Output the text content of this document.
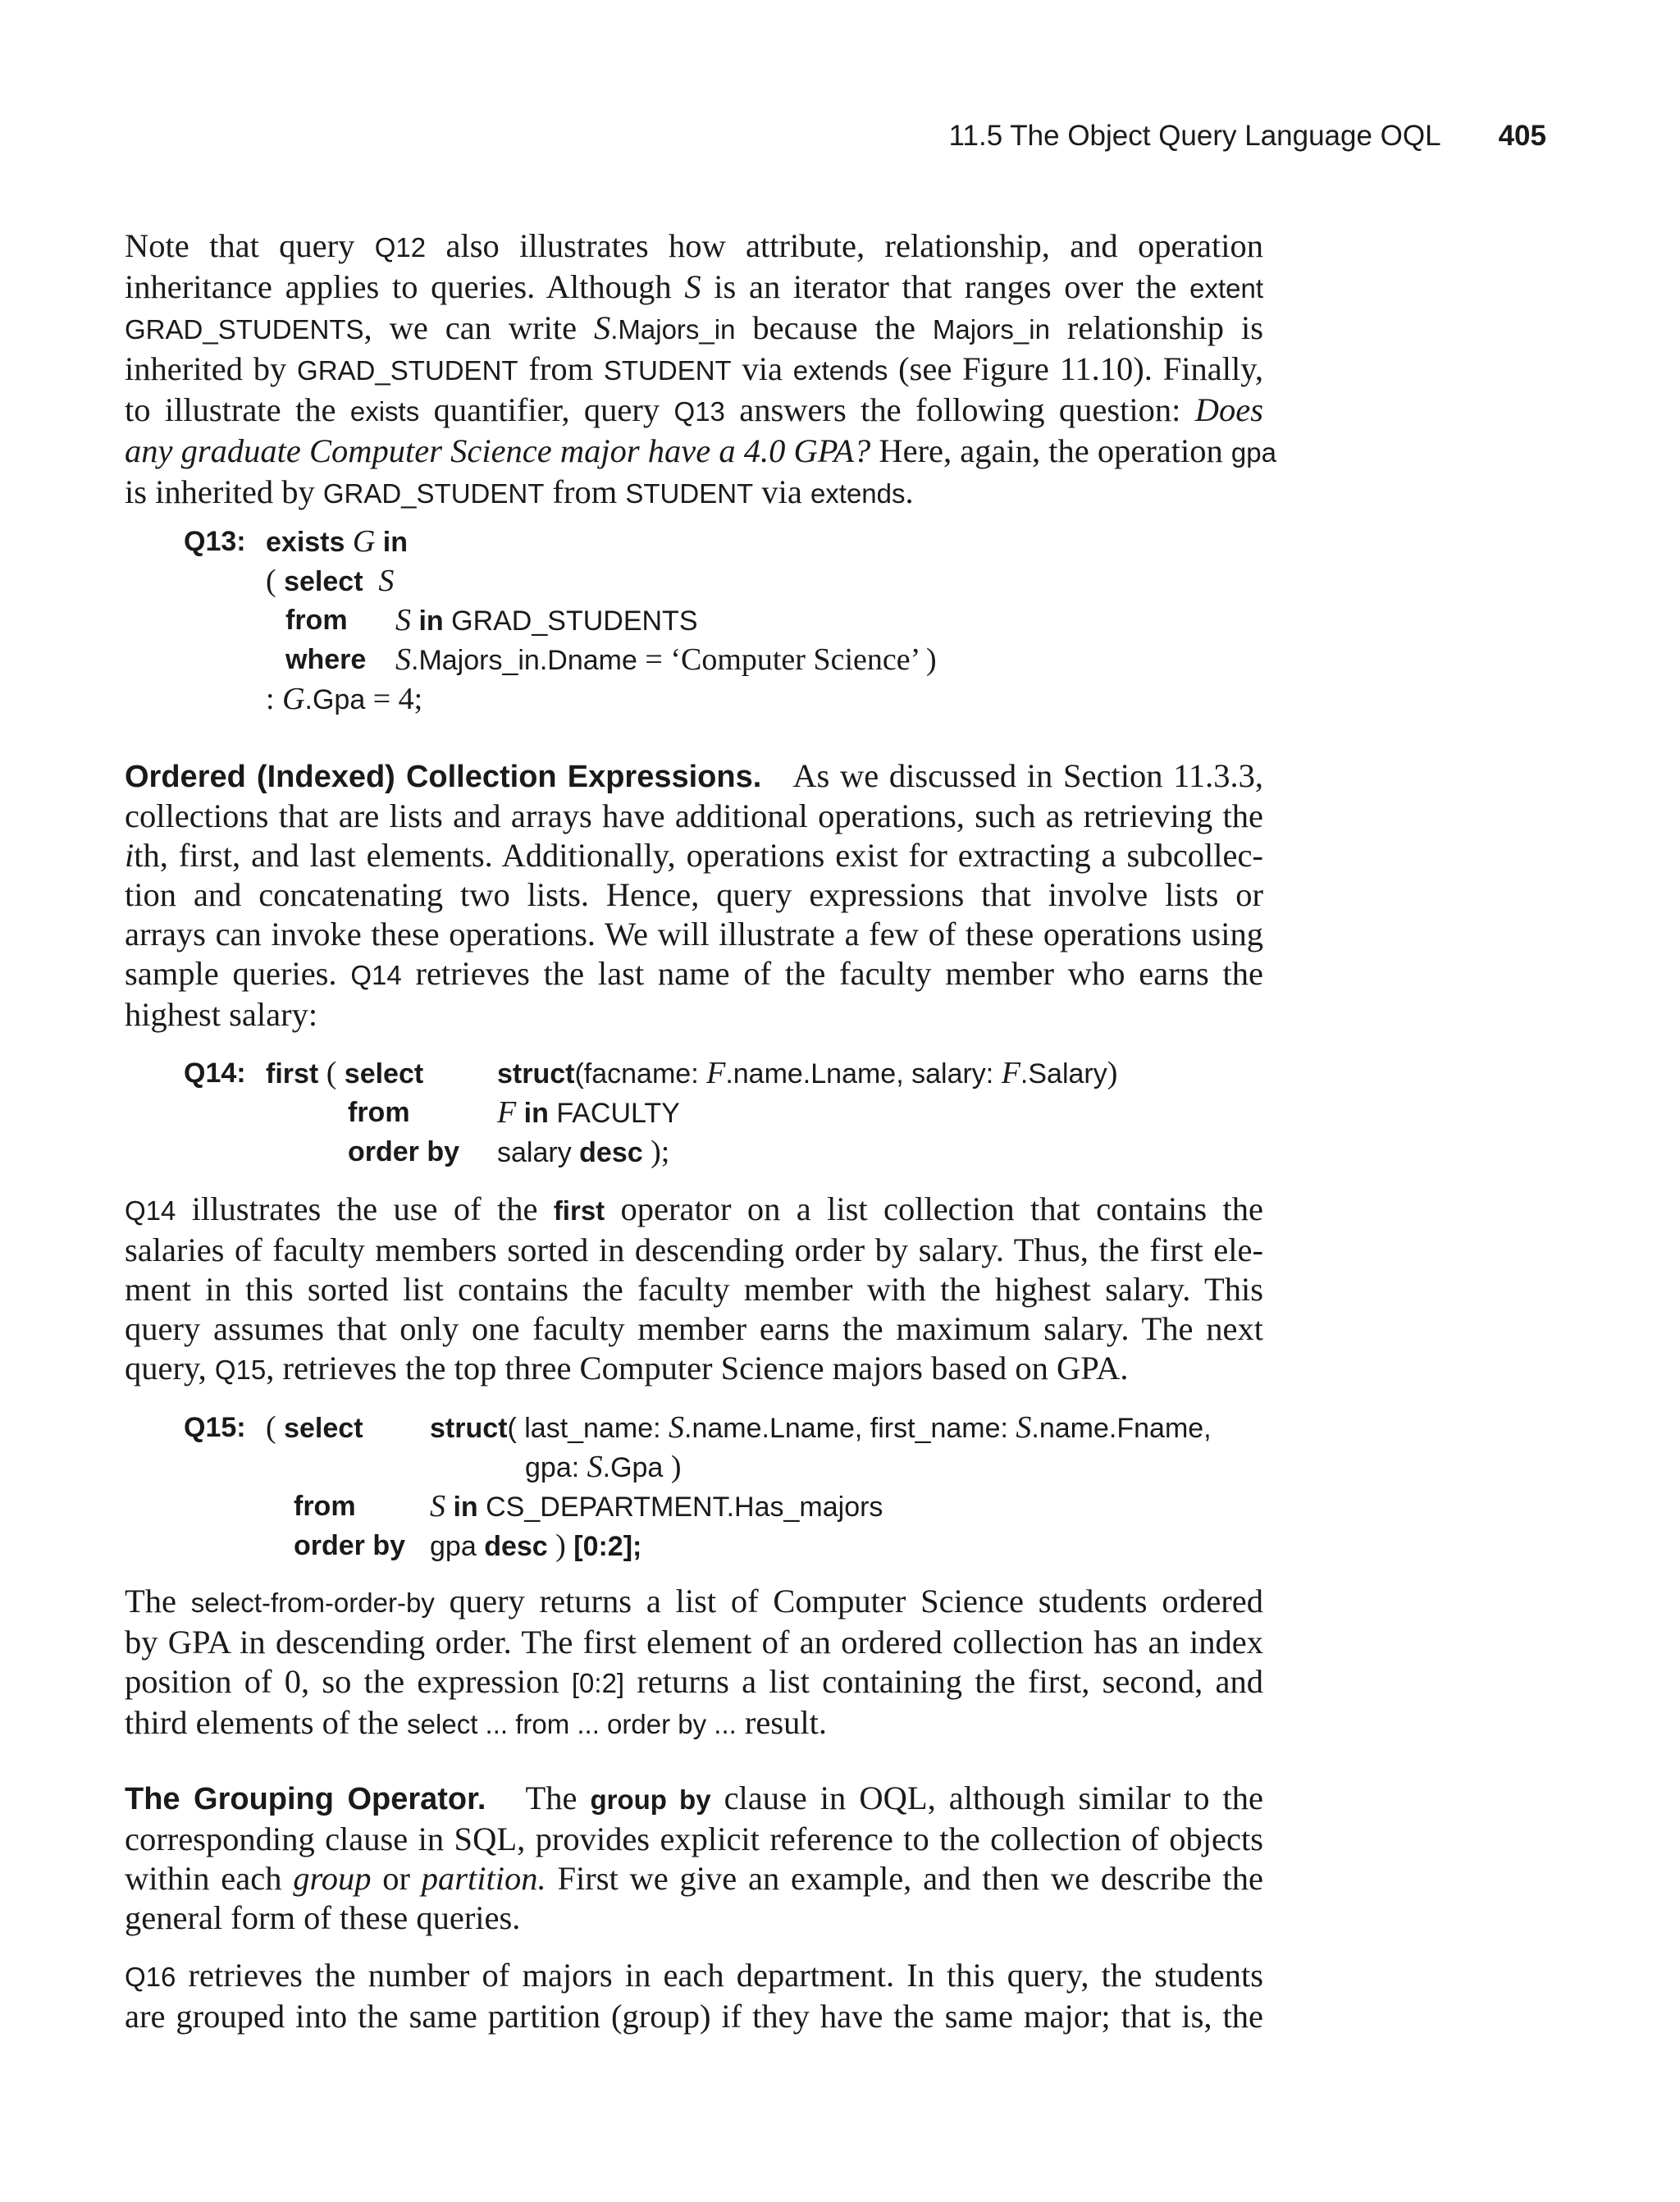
11.5 The Object Query Language OQL 405
Note that query Q12 also illustrates how attribute, relationship, and operation
inheritance applies to queries. Although S is an iterator that ranges over the extent
GRAD_STUDENTS, we can write S.Majors_in because the Majors_in relationship is
inherited by GRAD_STUDENT from STUDENT via extends (see Figure 11.10). Finally,
to illustrate the exists quantifier, query Q13 answers the following question: Does
any graduate Computer Science major have a 4.0 GPA? Here, again, the operation gpa
is inherited by GRAD_STUDENT from STUDENT via extends.
Q13: exists G in
( select S
from S in GRAD_STUDENTS
where S.Majors_in.Dname = ‘Computer Science’ )
: G.Gpa = 4;
Ordered (Indexed) Collection Expressions. As we discussed in Section 11.3.3,
collections that are lists and arrays have additional operations, such as retrieving the
ith, first, and last elements. Additionally, operations exist for extracting a subcollec-
tion and concatenating two lists. Hence, query expressions that involve lists or
arrays can invoke these operations. We will illustrate a few of these operations using
sample queries. Q14 retrieves the last name of the faculty member who earns the
highest salary:
Q14: first ( select	struct(facname: F.name.Lname, salary: F.Salary)
from	F in FACULTY
order by salary desc );
Q14 illustrates the use of the first operator on a list collection that contains the
salaries of faculty members sorted in descending order by salary. Thus, the first ele-
ment in this sorted list contains the faculty member with the highest salary. This
query assumes that only one faculty member earns the maximum salary. The next
query, Q15, retrieves the top three Computer Science majors based on GPA.
Q15: ( select struct( last_name: S.name.Lname, first_name: S.name.Fname,
gpa: S.Gpa )
from S in CS_DEPARTMENT.Has_majors
order by gpa desc ) [0:2];
The select-from-order-by query returns a list of Computer Science students ordered
by GPA in descending order. The first element of an ordered collection has an index
position of 0, so the expression [0:2] returns a list containing the first, second, and
third elements of the select ... from ... order by ... result.
The Grouping Operator. The group by clause in OQL, although similar to the
corresponding clause in SQL, provides explicit reference to the collection of objects
within each group or partition. First we give an example, and then we describe the
general form of these queries.
Q16 retrieves the number of majors in each department. In this query, the students
are grouped into the same partition (group) if they have the same major; that is, the
